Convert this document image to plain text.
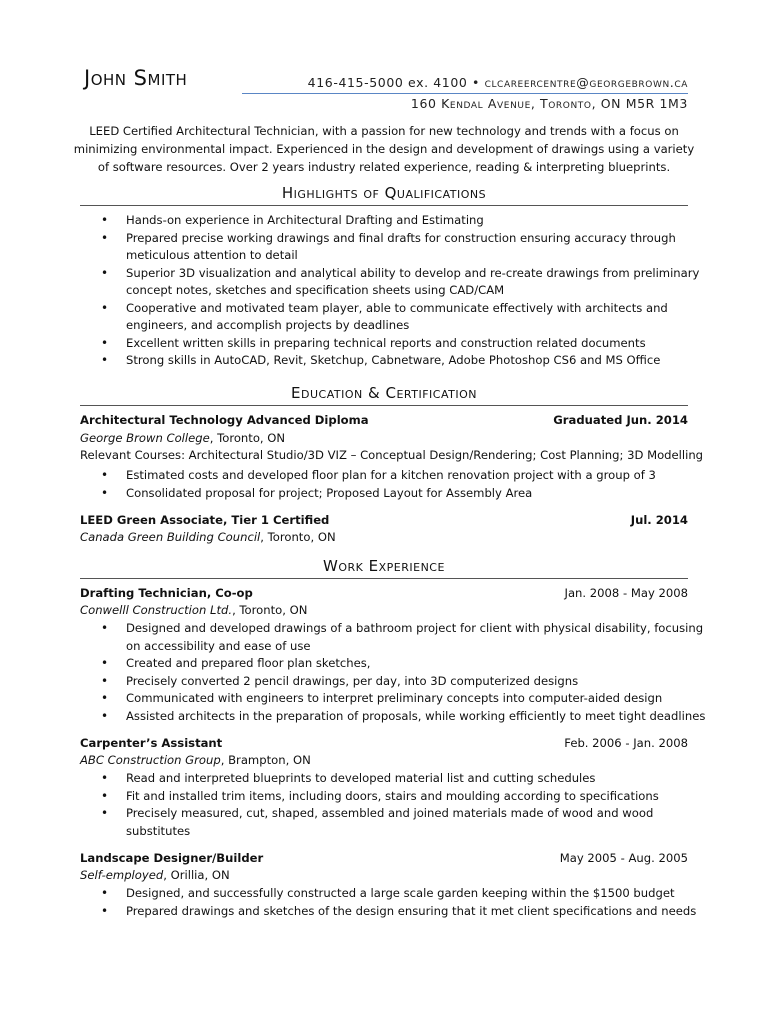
John Smith	416-415-5000 ex. 4100 • clcareercentre@georgebrown.ca
160 Kendal Avenue, Toronto, ON M5R 1M3
LEED Certified Architectural Technician, with a passion for new technology and trends with a focus on
minimizing environmental impact. Experienced in the design and development of drawings using a variety
of software resources. Over 2 years industry related experience, reading & interpreting blueprints.
Highlights of Qualifications
• Hands-on experience in Architectural Drafting and Estimating
• Prepared precise working drawings and final drafts for construction ensuring accuracy through
meticulous attention to detail
• Superior 3D visualization and analytical ability to develop and re-create drawings from preliminary
concept notes, sketches and specification sheets using CAD/CAM
• Cooperative and motivated team player, able to communicate effectively with architects and
engineers, and accomplish projects by deadlines
• Excellent written skills in preparing technical reports and construction related documents
• Strong skills in AutoCAD, Revit, Sketchup, Cabnetware, Adobe Photoshop CS6 and MS Office
Education & Certification
Architectural Technology Advanced Diploma	Graduated Jun. 2014
George Brown College, Toronto, ON
Relevant Courses: Architectural Studio/3D VIZ – Conceptual Design/Rendering; Cost Planning; 3D Modelling
• Estimated costs and developed floor plan for a kitchen renovation project with a group of 3
• Consolidated proposal for project; Proposed Layout for Assembly Area
LEED Green Associate, Tier 1 Certified	Jul. 2014
Canada Green Building Council, Toronto, ON
Work Experience
Drafting Technician, Co-op	Jan. 2008 - May 2008
Conwelll Construction Ltd., Toronto, ON
• Designed and developed drawings of a bathroom project for client with physical disability, focusing
on accessibility and ease of use
• Created and prepared floor plan sketches,
• Precisely converted 2 pencil drawings, per day, into 3D computerized designs
• Communicated with engineers to interpret preliminary concepts into computer-aided design
• Assisted architects in the preparation of proposals, while working efficiently to meet tight deadlines
Carpenter’s Assistant	Feb. 2006 - Jan. 2008
ABC Construction Group, Brampton, ON
• Read and interpreted blueprints to developed material list and cutting schedules
• Fit and installed trim items, including doors, stairs and moulding according to specifications
• Precisely measured, cut, shaped, assembled and joined materials made of wood and wood
substitutes
Landscape Designer/Builder	May 2005 - Aug. 2005
Self-employed, Orillia, ON
• Designed, and successfully constructed a large scale garden keeping within the $1500 budget
• Prepared drawings and sketches of the design ensuring that it met client specifications and needs
